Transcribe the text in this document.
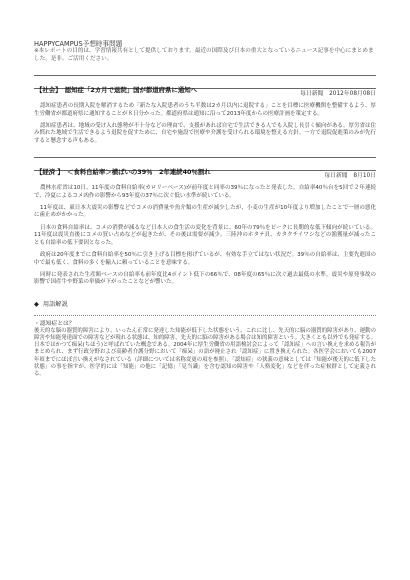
HAPPYCAMPUS予想時事問題
※本レポートの目的は、学習情報共有として提供しております。最近の国際及び日本の重大となっているニュース記事を中心にまとめました。是非、ご活用ください。
【社会】　認知症「2カ月で退院」国が都道府県に通知へ	毎日新聞　2012年08月08日

認知症患者の長期入院を解消するため「新たな入院患者のうち半数は2カ月以内に退院する」ことを目標に医療機関を整備するよう、厚生労働省が都道府県に通知することが８日分かった。都道府県は通知に沿って2013年度からの医療計画を策定する。

認知症患者は、地域の受け入れ態勢が不十分などの理由で、支援があれば自宅で生活できる人でも入院し長引く傾向がある。厚労省は住み慣れた地域で生活できるよう退院を促すために、自宅や施設で医療や介護を受けられる環境を整える方針。一方で退院促進策のみが先行すると懸念する声もある。

【経済 】　＜食料自給率＞横ばいの39％　2年連続40％割れ	毎日新聞　8月10日

農林水産省は10日、11年度の食料自給率(カロリーベース)が前年度と同率の39％になったと発表した。自給率40％台を5回で２年連続で、冷夏によるコメ凶作の影響から93年度の37％に次ぐ低い水準が続いている。

11年度は、東日本大震災の影響などでコメの消費量や魚介類の生産が減少したが、小麦の生産が10年度より増加したことで一層の悪化に歯止めがかかった。

日本の食料自給率は、コメの消費が減るなど日本人の食生活の変化を背景に、60年の79％をピークに長期的な低下傾向が続いている。11年度は震災直後にコメの買い占めなどが起きたが、その後は需要が減少。三陸沖のホタテ貝、カタクチイワシなどの漁獲量が減ったことも自給率の低下要因となった。

政府は20年度までに食料自給率を50％に引き上げる目標を掲げているが、有効な手立てはない状況だ。39％の自給率は、主要先進国の中で最も低く、食料の多くを輸入に頼っていることを意味する。

同時に発表された生産額ベースの自給率も前年度比4ポイント低下の66％で、08年度の65％に次ぐ過去最低の水準。震災や原発事故の影響で国産牛や野菜の単価が下がったことなどが響いた。

◆ 用語解説
・認知症とは？

後天的な脳の器質的障害により、いったん正常に発達した知能が低下した状態をいう。これに比し、先天的に脳の器質的障害があり、運動の障害や知能発達面での障害などが現れる状態は、知的障害、先天的に脳の障害がある場合は知的障害という。大きくとも以外でも発症する。日本ではかつて痴呆(ちほう)と呼ばれていた概念である。2004年に厚生労働省の用語検討会によって「認知症」への言い換えを求める報告がまとめられ、まず行政分野および高齢者介護分野において「痴呆」の語が廃止され「認知症」に置き換えられた。各医学会においても2007年頃までにほぼ言い換えがなされている（詳細については名称変更の項を参照）。「認知症」の狭義の意味としては「知能が後天的に低下した状態」の事を指すが、医学的には「知能」の他に「記憶」「見当識」を含む認知の障害や「人格変化」などを伴った症候群として定義される。
